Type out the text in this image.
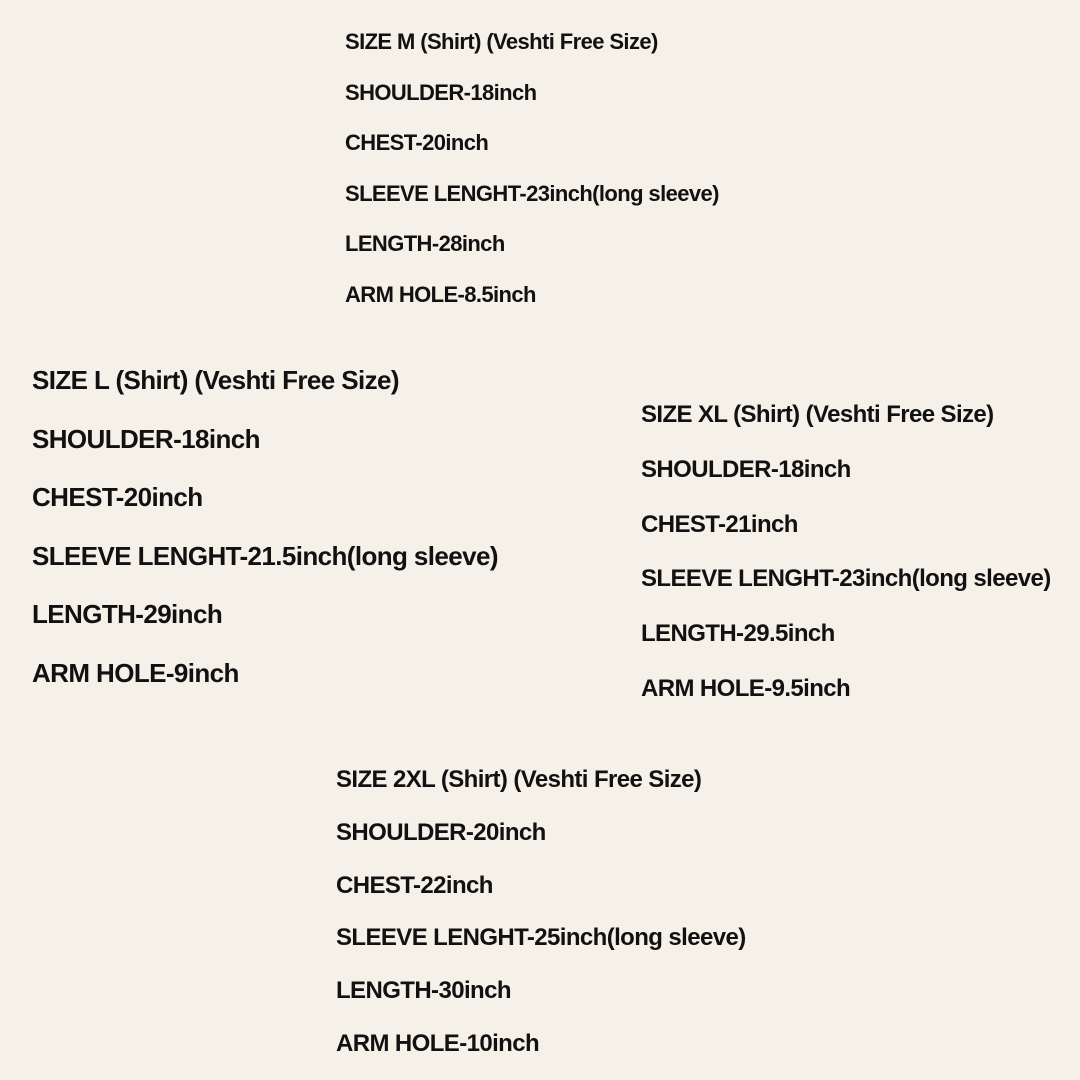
SIZE M (Shirt) (Veshti Free Size)
SHOULDER-18inch
CHEST-20inch
SLEEVE LENGHT-23inch(long sleeve)
LENGTH-28inch
ARM HOLE-8.5inch
SIZE L (Shirt) (Veshti Free Size)
SHOULDER-18inch
CHEST-20inch
SLEEVE LENGHT-21.5inch(long sleeve)
LENGTH-29inch
ARM HOLE-9inch
SIZE XL (Shirt) (Veshti Free Size)
SHOULDER-18inch
CHEST-21inch
SLEEVE LENGHT-23inch(long sleeve)
LENGTH-29.5inch
ARM HOLE-9.5inch
SIZE 2XL (Shirt) (Veshti Free Size)
SHOULDER-20inch
CHEST-22inch
SLEEVE LENGHT-25inch(long sleeve)
LENGTH-30inch
ARM HOLE-10inch
